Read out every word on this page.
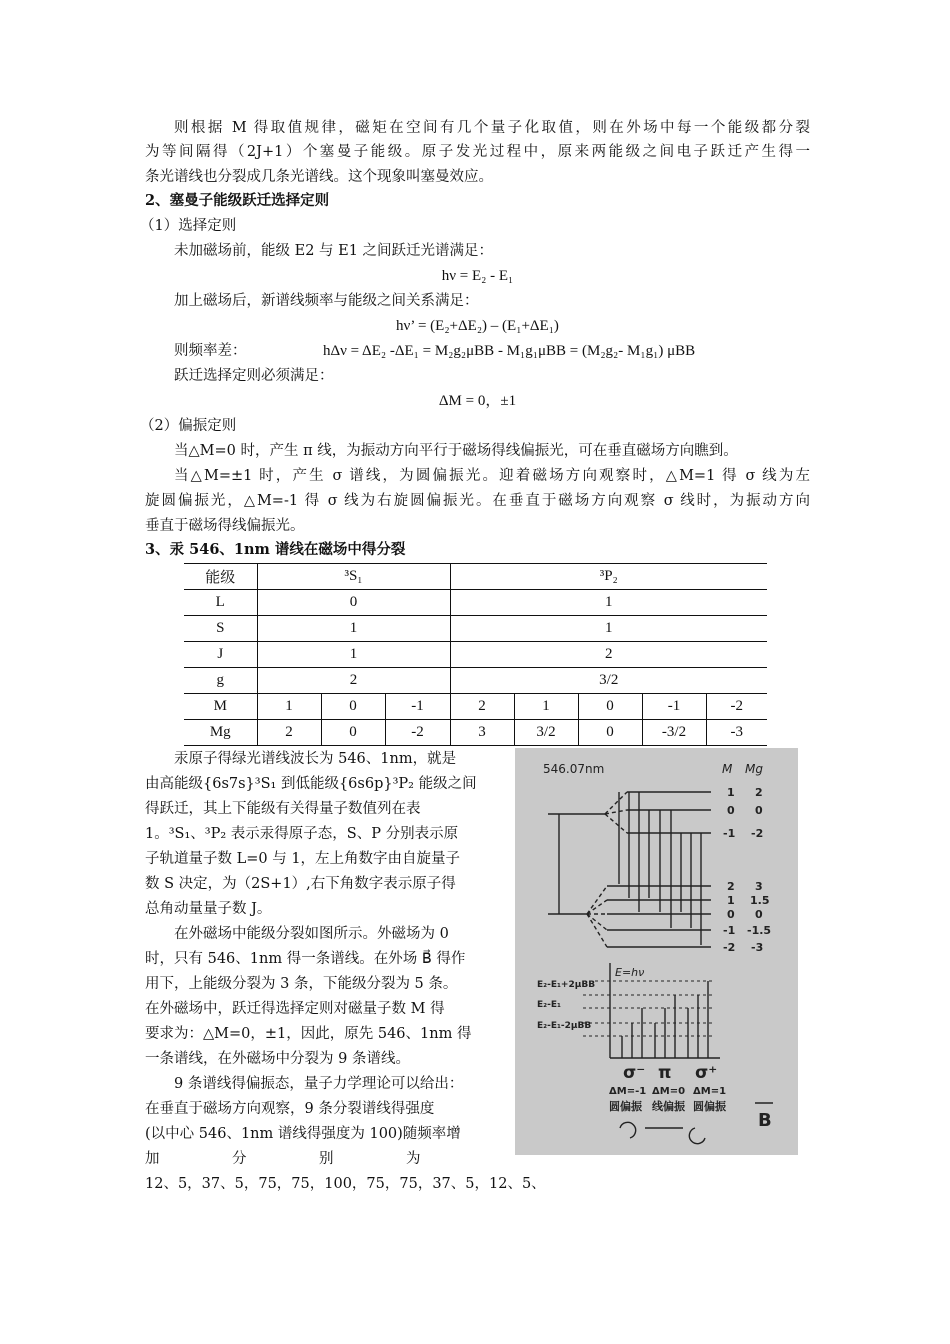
则根据 M 得取值规律，磁矩在空间有几个量子化取值，则在外场中每一个能级都分裂
为等间隔得（2J+1）个塞曼子能级。原子发光过程中，原来两能级之间电子跃迁产生得一
条光谱线也分裂成几条光谱线。这个现象叫塞曼效应。
2、塞曼子能级跃迁选择定则
（1）选择定则
未加磁场前，能级 E2 与 E1 之间跃迁光谱满足：
hν = E₂ - E₁
加上磁场后，新谱线频率与能级之间关系满足：
hν’ = (E₂+ΔE₂) – (E₁+ΔE₁)
则频率差：	hΔν = ΔE₂ -ΔE₁ = M₂g₂μBB - M₁g₁μBB = (M₂g₂- M₁g₁) μBB
跃迁选择定则必须满足：
ΔM = 0，±1
（2）偏振定则
当△M=0 时，产生 π 线，为振动方向平行于磁场得线偏振光，可在垂直磁场方向瞧到。
当△M=±1 时，产生 σ 谱线，为圆偏振光。迎着磁场方向观察时，△M=1 得 σ 线为左
旋圆偏振光，△M=-1 得 σ 线为右旋圆偏振光。在垂直于磁场方向观察 σ 线时，为振动方向
垂直于磁场得线偏振光。
3、汞 546、1nm 谱线在磁场中得分裂
能级	³S₁			³P₂				
L	0			1				
S	1			1				
J	1			2				
g	2			3/2				
M	1	0	-1	2	1	0	-1	-2
Mg	2	0	-2	3	3/2	0	-3/2	-3
汞原子得绿光谱线波长为 546、1nm，就是
由高能级{6s7s}³S₁ 到低能级{6s6p}³P₂ 能级之间
得跃迁，其上下能级有关得量子数值列在表
1。³S₁、³P₂ 表示汞得原子态，S、P 分别表示原
子轨道量子数 L=0 与 1，左上角数字由自旋量子
数 S 决定，为（2S+1）,右下角数字表示原子得
总角动量量子数 J。
在外磁场中能级分裂如图所示。外磁场为 0
时，只有 546、1nm 得一条谱线。在外场 B⃗ 得作
用下，上能级分裂为 3 条，下能级分裂为 5 条。
在外磁场中，跃迁得选择定则对磁量子数 M 得
要求为：△M=0，±1，因此，原先 546、1nm 得
一条谱线，在外磁场中分裂为 9 条谱线。
9 条谱线得偏振态，量子力学理论可以给出：
在垂直于磁场方向观察，9 条分裂谱线得强度
(以中心 546、1nm 谱线得强度为 100)随频率增
加　　　　　分　　　　　别　　　　　为
12、5，37、5，75，75，100，75，75，37、5，12、5、
546.07nm	M Mg
1 2
0 0
-1 -2
2 3
1 1.5
0 0
-1 -1.5
-2 -3
E=hν
E₂-E₁+2μBB
E₂-E₁
E₂-E₁-2μBB
σ⁻ π σ⁺
ΔM=-1 ΔM=0 ΔM=1
圆偏振 线偏振 圆偏振
B
